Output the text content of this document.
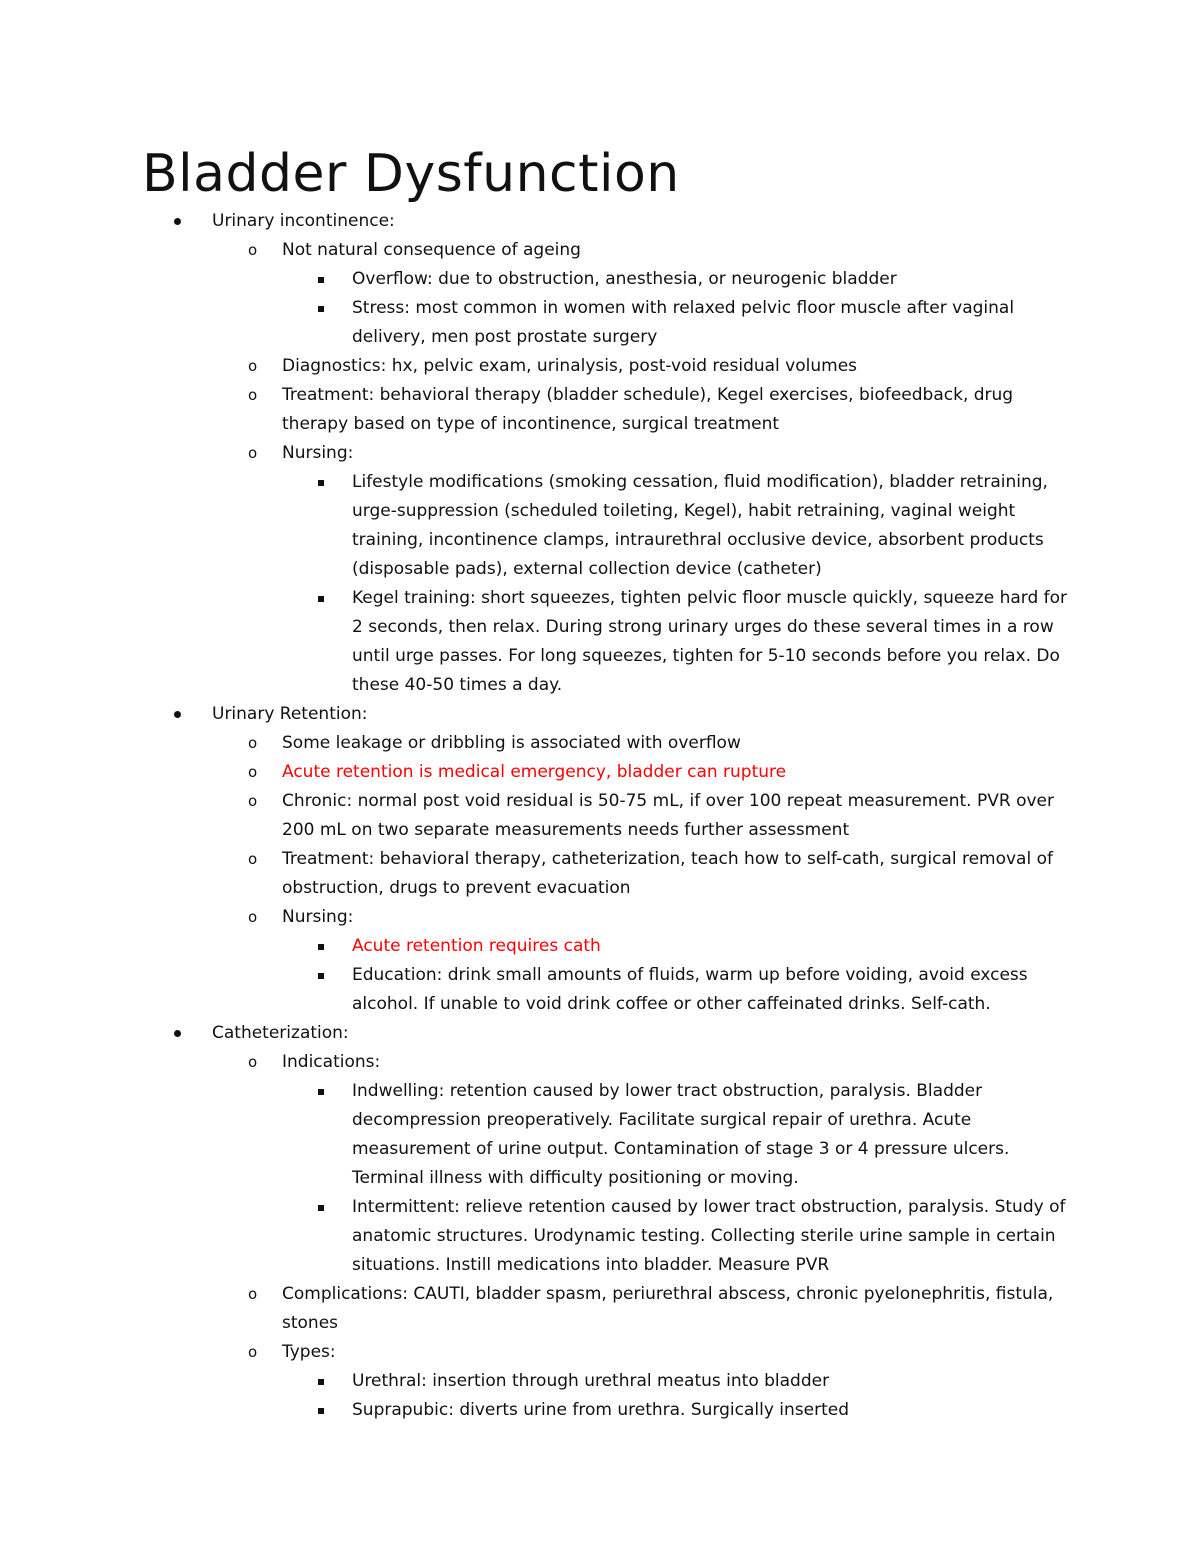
Bladder Dysfunction
Urinary incontinence:
o Not natural consequence of ageing
Overflow: due to obstruction, anesthesia, or neurogenic bladder
Stress: most common in women with relaxed pelvic floor muscle after vaginal delivery, men post prostate surgery
o Diagnostics: hx, pelvic exam, urinalysis, post-void residual volumes
o Treatment: behavioral therapy (bladder schedule), Kegel exercises, biofeedback, drug therapy based on type of incontinence, surgical treatment
o Nursing:
Lifestyle modifications (smoking cessation, fluid modification), bladder retraining, urge-suppression (scheduled toileting, Kegel), habit retraining, vaginal weight training, incontinence clamps, intraurethral occlusive device, absorbent products (disposable pads), external collection device (catheter)
Kegel training: short squeezes, tighten pelvic floor muscle quickly, squeeze hard for 2 seconds, then relax. During strong urinary urges do these several times in a row until urge passes. For long squeezes, tighten for 5-10 seconds before you relax. Do these 40-50 times a day.
Urinary Retention:
o Some leakage or dribbling is associated with overflow
o Acute retention is medical emergency, bladder can rupture
o Chronic: normal post void residual is 50-75 mL, if over 100 repeat measurement. PVR over 200 mL on two separate measurements needs further assessment
o Treatment: behavioral therapy, catheterization, teach how to self-cath, surgical removal of obstruction, drugs to prevent evacuation
o Nursing:
Acute retention requires cath
Education: drink small amounts of fluids, warm up before voiding, avoid excess alcohol. If unable to void drink coffee or other caffeinated drinks. Self-cath.
Catheterization:
o Indications:
Indwelling: retention caused by lower tract obstruction, paralysis. Bladder decompression preoperatively. Facilitate surgical repair of urethra. Acute measurement of urine output. Contamination of stage 3 or 4 pressure ulcers. Terminal illness with difficulty positioning or moving.
Intermittent: relieve retention caused by lower tract obstruction, paralysis. Study of anatomic structures. Urodynamic testing. Collecting sterile urine sample in certain situations. Instill medications into bladder. Measure PVR
o Complications: CAUTI, bladder spasm, periurethral abscess, chronic pyelonephritis, fistula, stones
o Types:
Urethral: insertion through urethral meatus into bladder
Suprapubic: diverts urine from urethra. Surgically inserted
